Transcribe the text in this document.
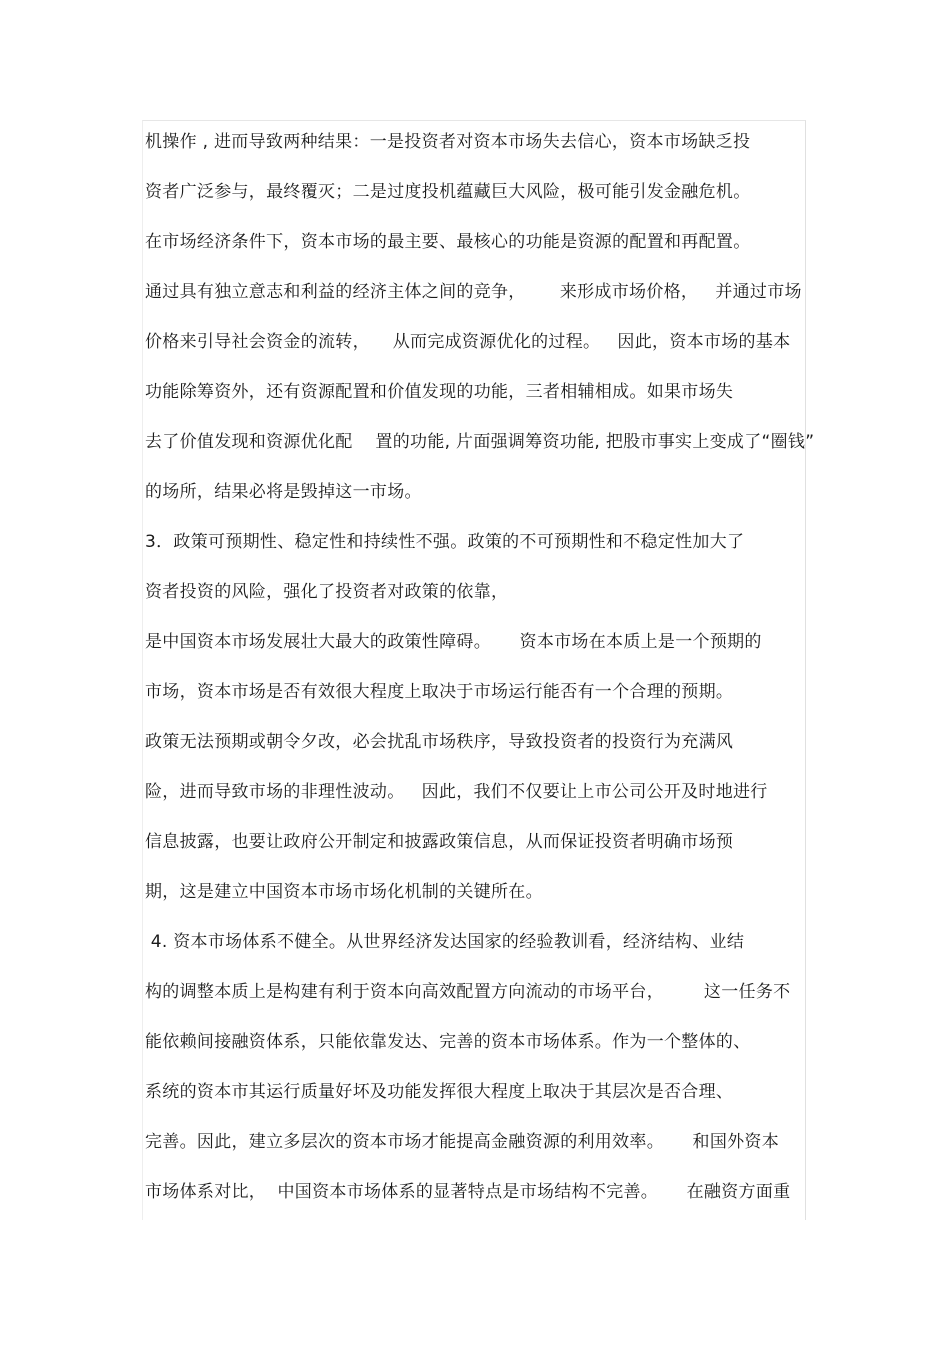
机操作 , 进而导致两种结果：一是投资者对资本市场失去信心，资本市场缺乏投
资者广泛参与，最终覆灭；二是过度投机蕴藏巨大风险，极可能引发金融危机。
在市场经济条件下，资本市场的最主要、最核心的功能是资源的配置和再配置。
通过具有独立意志和利益的经济主体之间的竞争，      来形成市场价格，   并通过市场
价格来引导社会资金的流转，    从而完成资源优化的过程。   因此，资本市场的基本
功能除筹资外，还有资源配置和价值发现的功能，三者相辅相成。如果市场失
去了价值发现和资源优化配    置的功能, 片面强调筹资功能, 把股市事实上变成了“圈钱”
的场所，结果必将是毁掉这一市场。
3．政策可预期性、稳定性和持续性不强。政策的不可预期性和不稳定性加大了
资者投资的风险，强化了投资者对政策的依靠，
是中国资本市场发展壮大最大的政策性障碍。     资本市场在本质上是一个预期的
市场，资本市场是否有效很大程度上取决于市场运行能否有一个合理的预期。
政策无法预期或朝令夕改，必会扰乱市场秩序，导致投资者的投资行为充满风
险，进而导致市场的非理性波动。   因此，我们不仅要让上市公司公开及时地进行
信息披露，也要让政府公开制定和披露政策信息，从而保证投资者明确市场预
期，这是建立中国资本市场市场化机制的关键所在。
4. 资本市场体系不健全。从世界经济发达国家的经验教训看，经济结构、业结
构的调整本质上是构建有利于资本向高效配置方向流动的市场平台，       这一任务不
能依赖间接融资体系，只能依靠发达、完善的资本市场体系。作为一个整体的、
系统的资本市其运行质量好坏及功能发挥很大程度上取决于其层次是否合理、
完善。因此，建立多层次的资本市场才能提高金融资源的利用效率。     和国外资本
市场体系对比，  中国资本市场体系的显著特点是市场结构不完善。     在融资方面重
